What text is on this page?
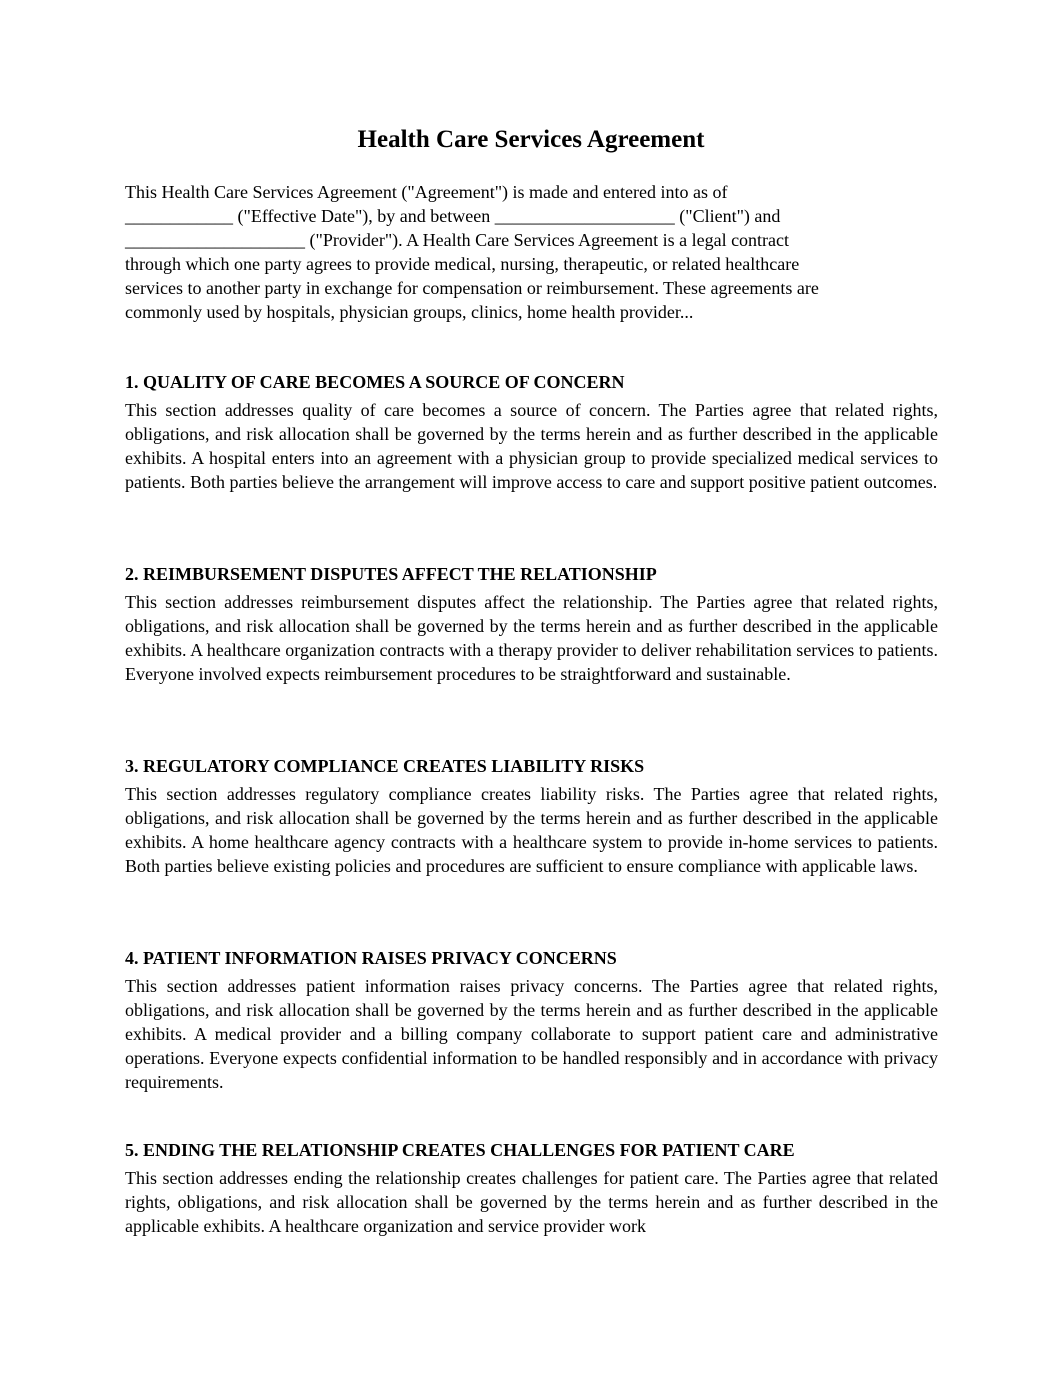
Health Care Services Agreement
This Health Care Services Agreement ("Agreement") is made and entered into as of
____________ ("Effective Date"), by and between ____________________ ("Client") and
____________________ ("Provider"). A Health Care Services Agreement is a legal contract
through which one party agrees to provide medical, nursing, therapeutic, or related healthcare
services to another party in exchange for compensation or reimbursement. These agreements are
commonly used by hospitals, physician groups, clinics, home health provider...
1. QUALITY OF CARE BECOMES A SOURCE OF CONCERN
This section addresses quality of care becomes a source of concern. The Parties agree that related rights, obligations, and risk allocation shall be governed by the terms herein and as further described in the applicable exhibits. A hospital enters into an agreement with a physician group to provide specialized medical services to patients. Both parties believe the arrangement will improve access to care and support positive patient outcomes.
2. REIMBURSEMENT DISPUTES AFFECT THE RELATIONSHIP
This section addresses reimbursement disputes affect the relationship. The Parties agree that related rights, obligations, and risk allocation shall be governed by the terms herein and as further described in the applicable exhibits. A healthcare organization contracts with a therapy provider to deliver rehabilitation services to patients. Everyone involved expects reimbursement procedures to be straightforward and sustainable.
3. REGULATORY COMPLIANCE CREATES LIABILITY RISKS
This section addresses regulatory compliance creates liability risks. The Parties agree that related rights, obligations, and risk allocation shall be governed by the terms herein and as further described in the applicable exhibits. A home healthcare agency contracts with a healthcare system to provide in-home services to patients. Both parties believe existing policies and procedures are sufficient to ensure compliance with applicable laws.
4. PATIENT INFORMATION RAISES PRIVACY CONCERNS
This section addresses patient information raises privacy concerns. The Parties agree that related rights, obligations, and risk allocation shall be governed by the terms herein and as further described in the applicable exhibits. A medical provider and a billing company collaborate to support patient care and administrative operations. Everyone expects confidential information to be handled responsibly and in accordance with privacy requirements.
5. ENDING THE RELATIONSHIP CREATES CHALLENGES FOR PATIENT CARE
This section addresses ending the relationship creates challenges for patient care. The Parties agree that related rights, obligations, and risk allocation shall be governed by the terms herein and as further described in the applicable exhibits. A healthcare organization and service provider work
